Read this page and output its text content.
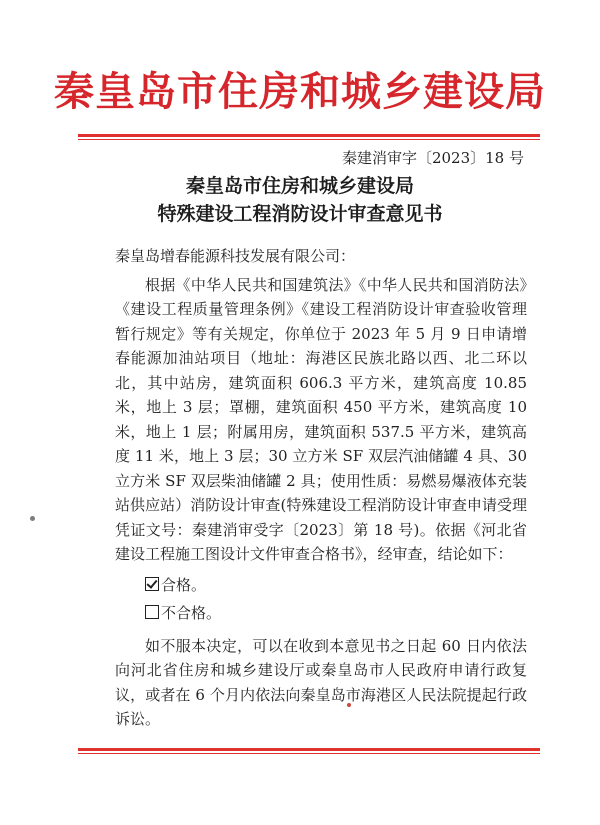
秦皇岛市住房和城乡建设局
秦建消审字〔2023〕18 号
秦皇岛市住房和城乡建设局
特殊建设工程消防设计审查意见书

秦皇岛增春能源科技发展有限公司：

根据《中华人民共和国建筑法》《中华人民共和国消防法》《建设工程质量管理条例》《建设工程消防设计审查验收管理暂行规定》等有关规定，你单位于 2023 年 5 月 9 日申请增春能源加油站项目（地址：海港区民族北路以西、北二环以北，其中站房，建筑面积 606.3 平方米，建筑高度 10.85 米，地上 3 层；罩棚，建筑面积 450 平方米，建筑高度 10 米，地上 1 层；附属用房，建筑面积 537.5 平方米，建筑高度 11 米，地上 3 层；30 立方米 SF 双层汽油储罐 4 具、30 立方米 SF 双层柴油储罐 2 具；使用性质：易燃易爆液体充装站供应站）消防设计审查(特殊建设工程消防设计审查申请受理凭证文号：秦建消审受字〔2023〕第 18 号)。依据《河北省建设工程施工图设计文件审查合格书》，经审查，结论如下：

合格。

不合格。

如不服本决定，可以在收到本意见书之日起 60 日内依法向河北省住房和城乡建设厅或秦皇岛市人民政府申请行政复议，或者在 6 个月内依法向秦皇岛市海港区人民法院提起行政诉讼。
